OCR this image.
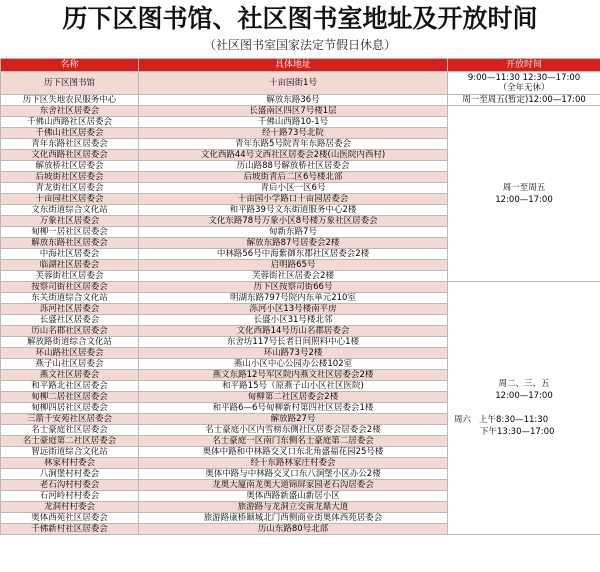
历下区图书馆、社区图书室地址及开放时间
（社区图书室国家法定节假日休息）
名称	具体地址	开放时间
历下区图书馆	十亩园街1号	9:00—11:30 12:30—17:00
（全年无休）

历下区失地农民服务中心	解放东路36号	周一至周五(暂定)12:00—17:00
东舍社区居委会	长盛南区四区7号楼1层	周一至周五
12:00—17:00

千佛山西路社区居委会	千佛山西路10-1号	
千佛山社区居委会	经十路73号北院	
青年东路社区居委会	青年东路5号院青年东路居委会	
文化西路社区居委会	文化西路44号文西社区居委会2楼(山医院内西村)	
解放桥社区居委会	历山路88号解放桥社区居委会	
后坡街社区居委会	后坡街青后二区6号楼北部	
青龙街社区居委会	青后小区一区6号	
十亩园社区居委会	十亩园小学路口十亩园居委会	
文东街道综合文化站	和平路39号文东街道服务中心2楼	
万象社区居委会	文化东路78号万象小区8号楼万象社区居委会	
甸柳一居社区居委会	甸新东路7号	
解放东路社区居委会	解放东路87号居委会2楼	
中海社区居委会	中林路56号中海紫御东郡社区居委会2楼	
临湖社区居委会	启明路65号	
芙蓉街社区居委会	芙蓉街社区居委会2楼	
按察司街社区居委会	历下区按察司街66号	周二、三、五
12:00—17:00

周六 上午8:30—11:30
下午13:30—17:00

东关街道综合文化站	明湖东路797号院内东单元210室	
泺河社区居委会	泺河小区13号楼南平房	
长盛社区居委会	长盛小区31号楼北邻	
历山名郡社区居委会	文化西路14号历山名郡居委会	
解放路街道综合文化站	东舍坊117号长者日间照料中心1楼	
环山路社区居委会	环山路73号2楼	
燕子山社区居委会	燕山小区中心公园办公楼102室	
燕文社区居委会	燕文东路12号军区院内燕文社区居委会2楼	
和平路北社区居委会	和平路15号（原燕子山小区社区医院)	
甸柳二居社区居委会	甸柳第二社区居委会2楼	
甸柳四居社区居委会	和平路6—6号甸柳新村第四社区居委会1楼	
三箭千安苑社区居委会	解放路27号	
名士豪庭社区居委会	名士豪庭小区内雪榜东侧社区居委会居委会2楼	
名士豪庭第二社区居委会	名士豪庭一区南门东侧名士豪庭第二居委会	
智远街道综合文化站	奥体中路和中林路交叉口东北角盛福花园25号楼	
林家村村委会	经十东路林家庄村委会	
八涧堡村村委会	奥体中路与中林路交叉口东八涧堡小区办公2楼	
老石沟村村委会	龙奥大厦南龙奥大道锦屏家园老石沟居委会	
石河岭村村委会	奥体西路新盛山新居小区	
龙洞村村委会	旅游路与龙洞立交南龙鼎大道	
奥体西苑社区居委会	旅游路康桥颐城北门西侧商业街奥体西苑居委会	
千佛新村社区居委会	历山东路80号北部	
